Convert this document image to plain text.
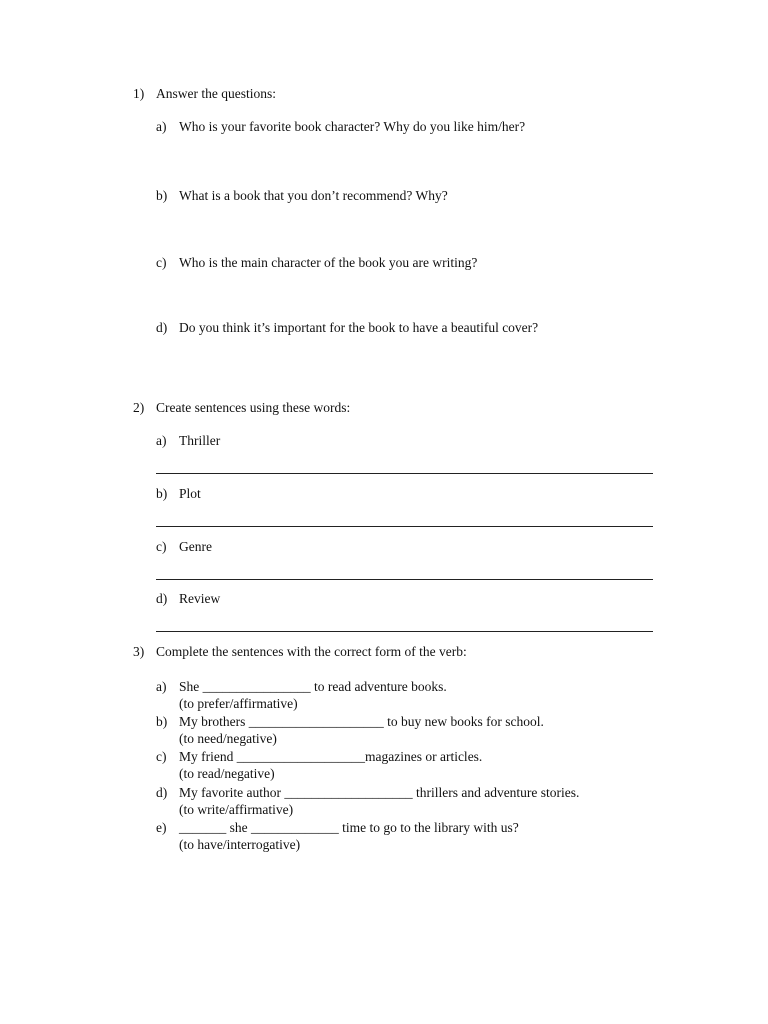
1) Answer the questions:
a) Who is your favorite book character? Why do you like him/her?
b) What is a book that you don’t recommend? Why?
c) Who is the main character of the book you are writing?
d) Do you think it’s important for the book to have a beautiful cover?
2) Create sentences using these words:
a) Thriller
b) Plot
c) Genre
d) Review
3) Complete the sentences with the correct form of the verb:
a) She ________________ to read adventure books.
(to prefer/affirmative)
b) My brothers ____________________ to buy new books for school.
(to need/negative)
c) My friend ___________________magazines or articles.
(to read/negative)
d) My favorite author ___________________ thrillers and adventure stories.
(to write/affirmative)
e) _______ she _____________ time to go to the library with us?
(to have/interrogative)
